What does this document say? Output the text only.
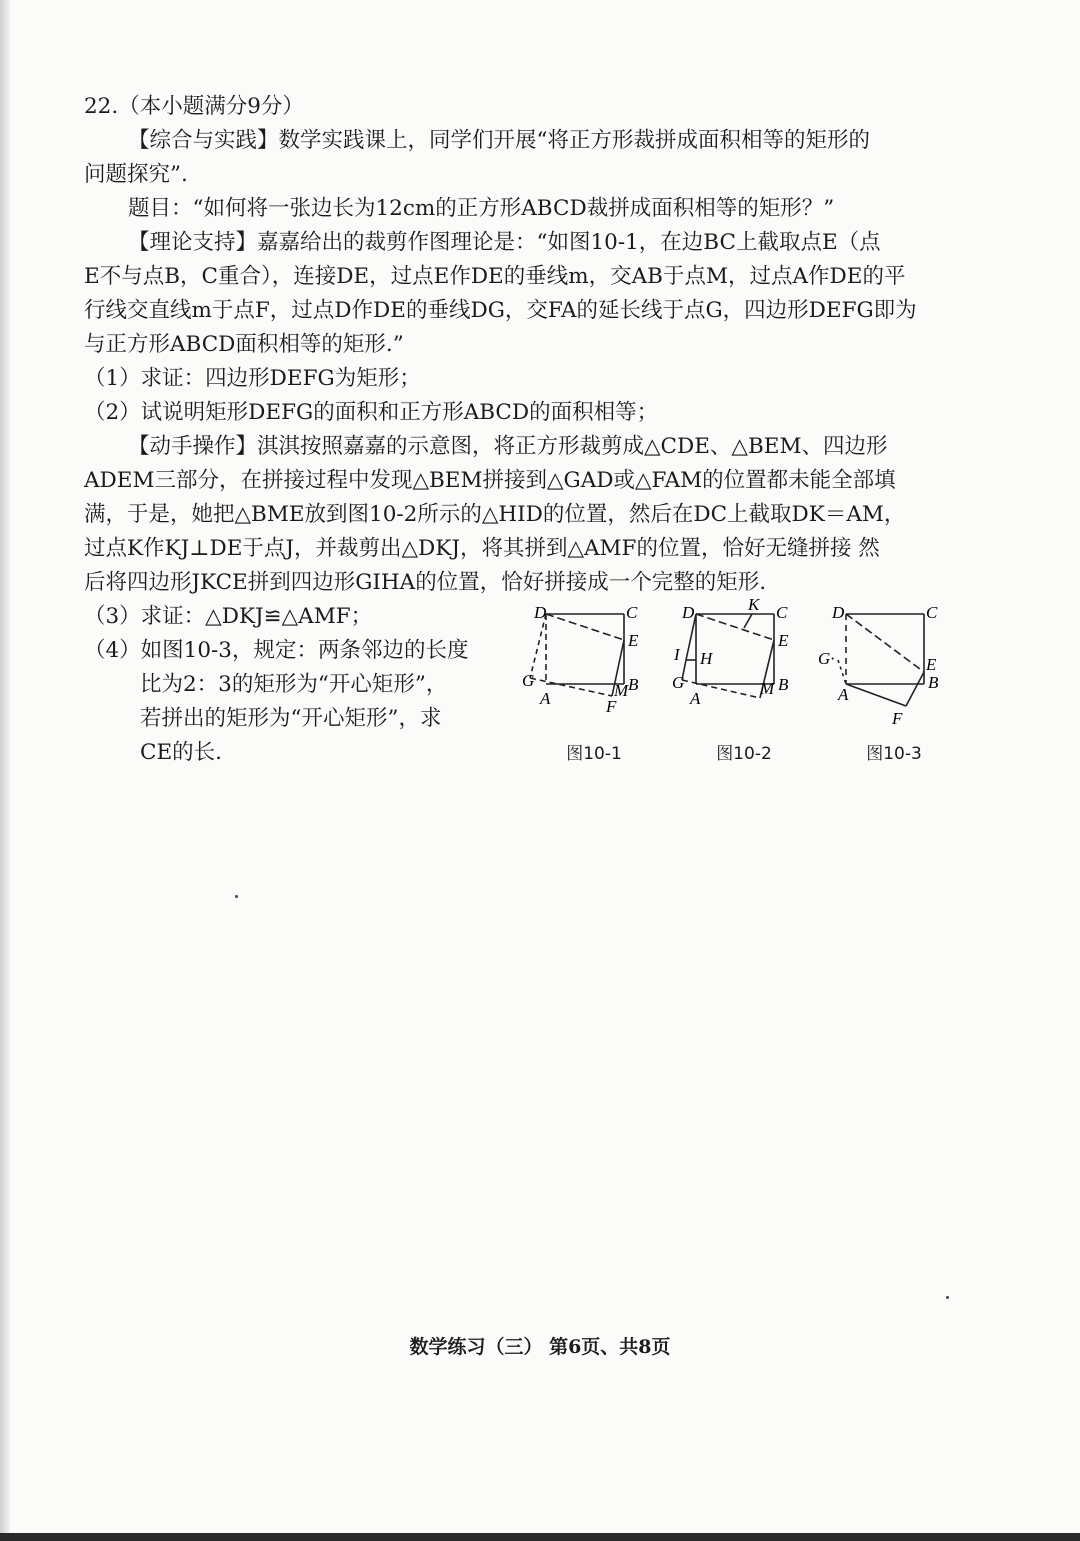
22.（本小题满分9分）
【综合与实践】数学实践课上，同学们开展“将正方形裁拼成面积相等的矩形的
问题探究”.
题目：“如何将一张边长为12cm的正方形ABCD裁拼成面积相等的矩形？”
【理论支持】嘉嘉给出的裁剪作图理论是：“如图10-1，在边BC上截取点E（点
E不与点B，C重合），连接DE，过点E作DE的垂线m，交AB于点M，过点A作DE的平
行线交直线m于点F，过点D作DE的垂线DG，交FA的延长线于点G，四边形DEFG即为
与正方形ABCD面积相等的矩形.”
（1）求证：四边形DEFG为矩形；
（2）试说明矩形DEFG的面积和正方形ABCD的面积相等；
【动手操作】淇淇按照嘉嘉的示意图，将正方形裁剪成△CDE、△BEM、四边形
ADEM三部分，在拼接过程中发现△BEM拼接到△GAD或△FAM的位置都未能全部填
满，于是，她把△BME放到图10-2所示的△HID的位置，然后在DC上截取DK＝AM，
过点K作KJ⊥DE于点J，并裁剪出△DKJ，将其拼到△AMF的位置，恰好无缝拼接 然
后将四边形JKCE拼到四边形GIHA的位置，恰好拼接成一个完整的矩形.
（3）求证：△DKJ≌△AMF；
（4）如图10-3，规定：两条邻边的长度
比为2：3的矩形为“开心矩形”，
若拼出的矩形为“开心矩形”，求
CE的长.
D	C
E
G
A	M B
F
图10-1
D	K C
E
I H
G
A
M B
图10-2
D	C
G·	E
A
B
F
图10-3
数学练习（三） 第6页、共8页
